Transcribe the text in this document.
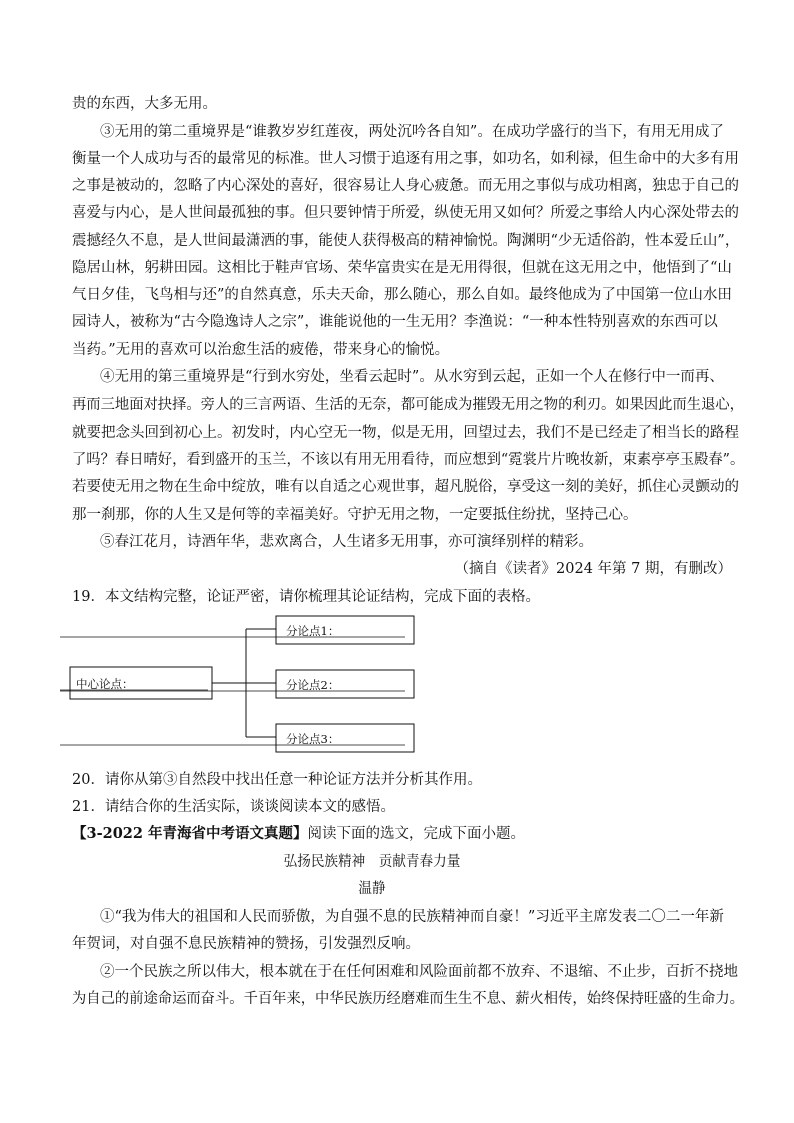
贵的东西，大多无用。
③无用的第二重境界是“谁教岁岁红莲夜，两处沉吟各自知”。在成功学盛行的当下，有用无用成了
衡量一个人成功与否的最常见的标准。世人习惯于追逐有用之事，如功名，如利禄，但生命中的大多有用
之事是被动的，忽略了内心深处的喜好，很容易让人身心疲惫。而无用之事似与成功相离，独忠于自己的
喜爱与内心，是人世间最孤独的事。但只要钟情于所爱，纵使无用又如何？所爱之事给人内心深处带去的
震撼经久不息，是人世间最潇洒的事，能使人获得极高的精神愉悦。陶渊明“少无适俗韵，性本爱丘山”，
隐居山林，躬耕田园。这相比于鞋声官场、荣华富贵实在是无用得很，但就在这无用之中，他悟到了“山
气日夕佳，飞鸟相与还”的自然真意，乐夫天命，那么随心，那么自如。最终他成为了中国第一位山水田
园诗人，被称为“古今隐逸诗人之宗”，谁能说他的一生无用？李渔说：“一种本性特别喜欢的东西可以
当药。”无用的喜欢可以治愈生活的疲倦，带来身心的愉悦。
④无用的第三重境界是“行到水穷处，坐看云起时”。从水穷到云起，正如一个人在修行中一而再、
再而三地面对抉择。旁人的三言两语、生活的无奈，都可能成为摧毁无用之物的利刃。如果因此而生退心，
就要把念头回到初心上。初发时，内心空无一物，似是无用，回望过去，我们不是已经走了相当长的路程
了吗？春日晴好，看到盛开的玉兰，不该以有用无用看待，而应想到“霓裳片片晚妆新，束素亭亭玉殿春”。
若要使无用之物在生命中绽放，唯有以自适之心观世事，超凡脱俗，享受这一刻的美好，抓住心灵颤动的
那一刹那，你的人生又是何等的幸福美好。守护无用之物，一定要抵住纷扰，坚持己心。
⑤春江花月，诗酒年华，悲欢离合，人生诸多无用事，亦可演绎别样的精彩。
（摘自《读者》2024 年第 7 期，有删改）
19．本文结构完整，论证严密，请你梳理其论证结构，完成下面的表格。
中心论点：
分论点1：
分论点2：
分论点3：
20．请你从第③自然段中找出任意一种论证方法并分析其作用。
21．请结合你的生活实际，谈谈阅读本文的感悟。
【3-2022 年青海省中考语文真题】阅读下面的选文，完成下面小题。
弘扬民族精神　贡献青春力量
温静
①“我为伟大的祖国和人民而骄傲，为自强不息的民族精神而自豪！”习近平主席发表二〇二一年新
年贺词，对自强不息民族精神的赞扬，引发强烈反响。
②一个民族之所以伟大，根本就在于在任何困难和风险面前都不放弃、不退缩、不止步，百折不挠地
为自己的前途命运而奋斗。千百年来，中华民族历经磨难而生生不息、薪火相传，始终保持旺盛的生命力。
